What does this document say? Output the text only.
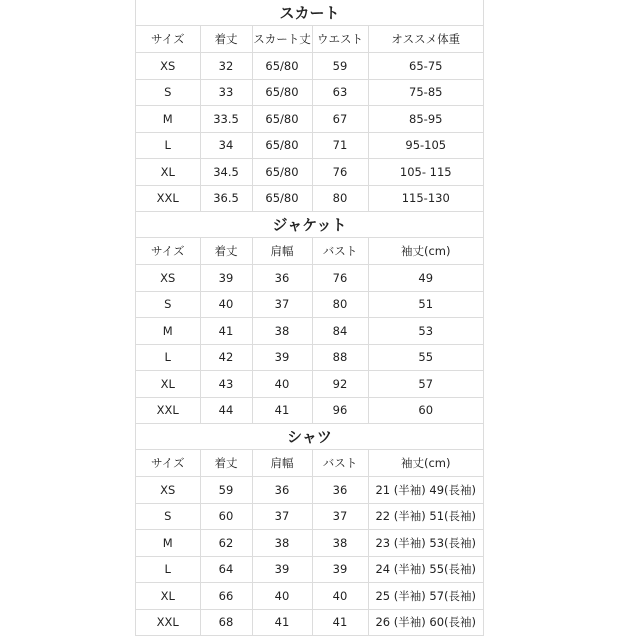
スカート
サイズ	着丈	スカート丈	ウエスト	オススメ体重
XS	32	65/80	59	65-75
S	33	65/80	63	75-85
M	33.5	65/80	67	85-95
L	34	65/80	71	95-105
XL	34.5	65/80	76	105- 115
XXL	36.5	65/80	80	115-130
ジャケット
サイズ	着丈	肩幅	バスト	袖丈(cm)
XS	39	36	76	49
S	40	37	80	51
M	41	38	84	53
L	42	39	88	55
XL	43	40	92	57
XXL	44	41	96	60
シャツ
サイズ	着丈	肩幅	バスト	袖丈(cm)
XS	59	36	36	21 (半袖) 49(長袖)
S	60	37	37	22 (半袖) 51(長袖)
M	62	38	38	23 (半袖) 53(長袖)
L	64	39	39	24 (半袖) 55(長袖)
XL	66	40	40	25 (半袖) 57(長袖)
XXL	68	41	41	26 (半袖) 60(長袖)
